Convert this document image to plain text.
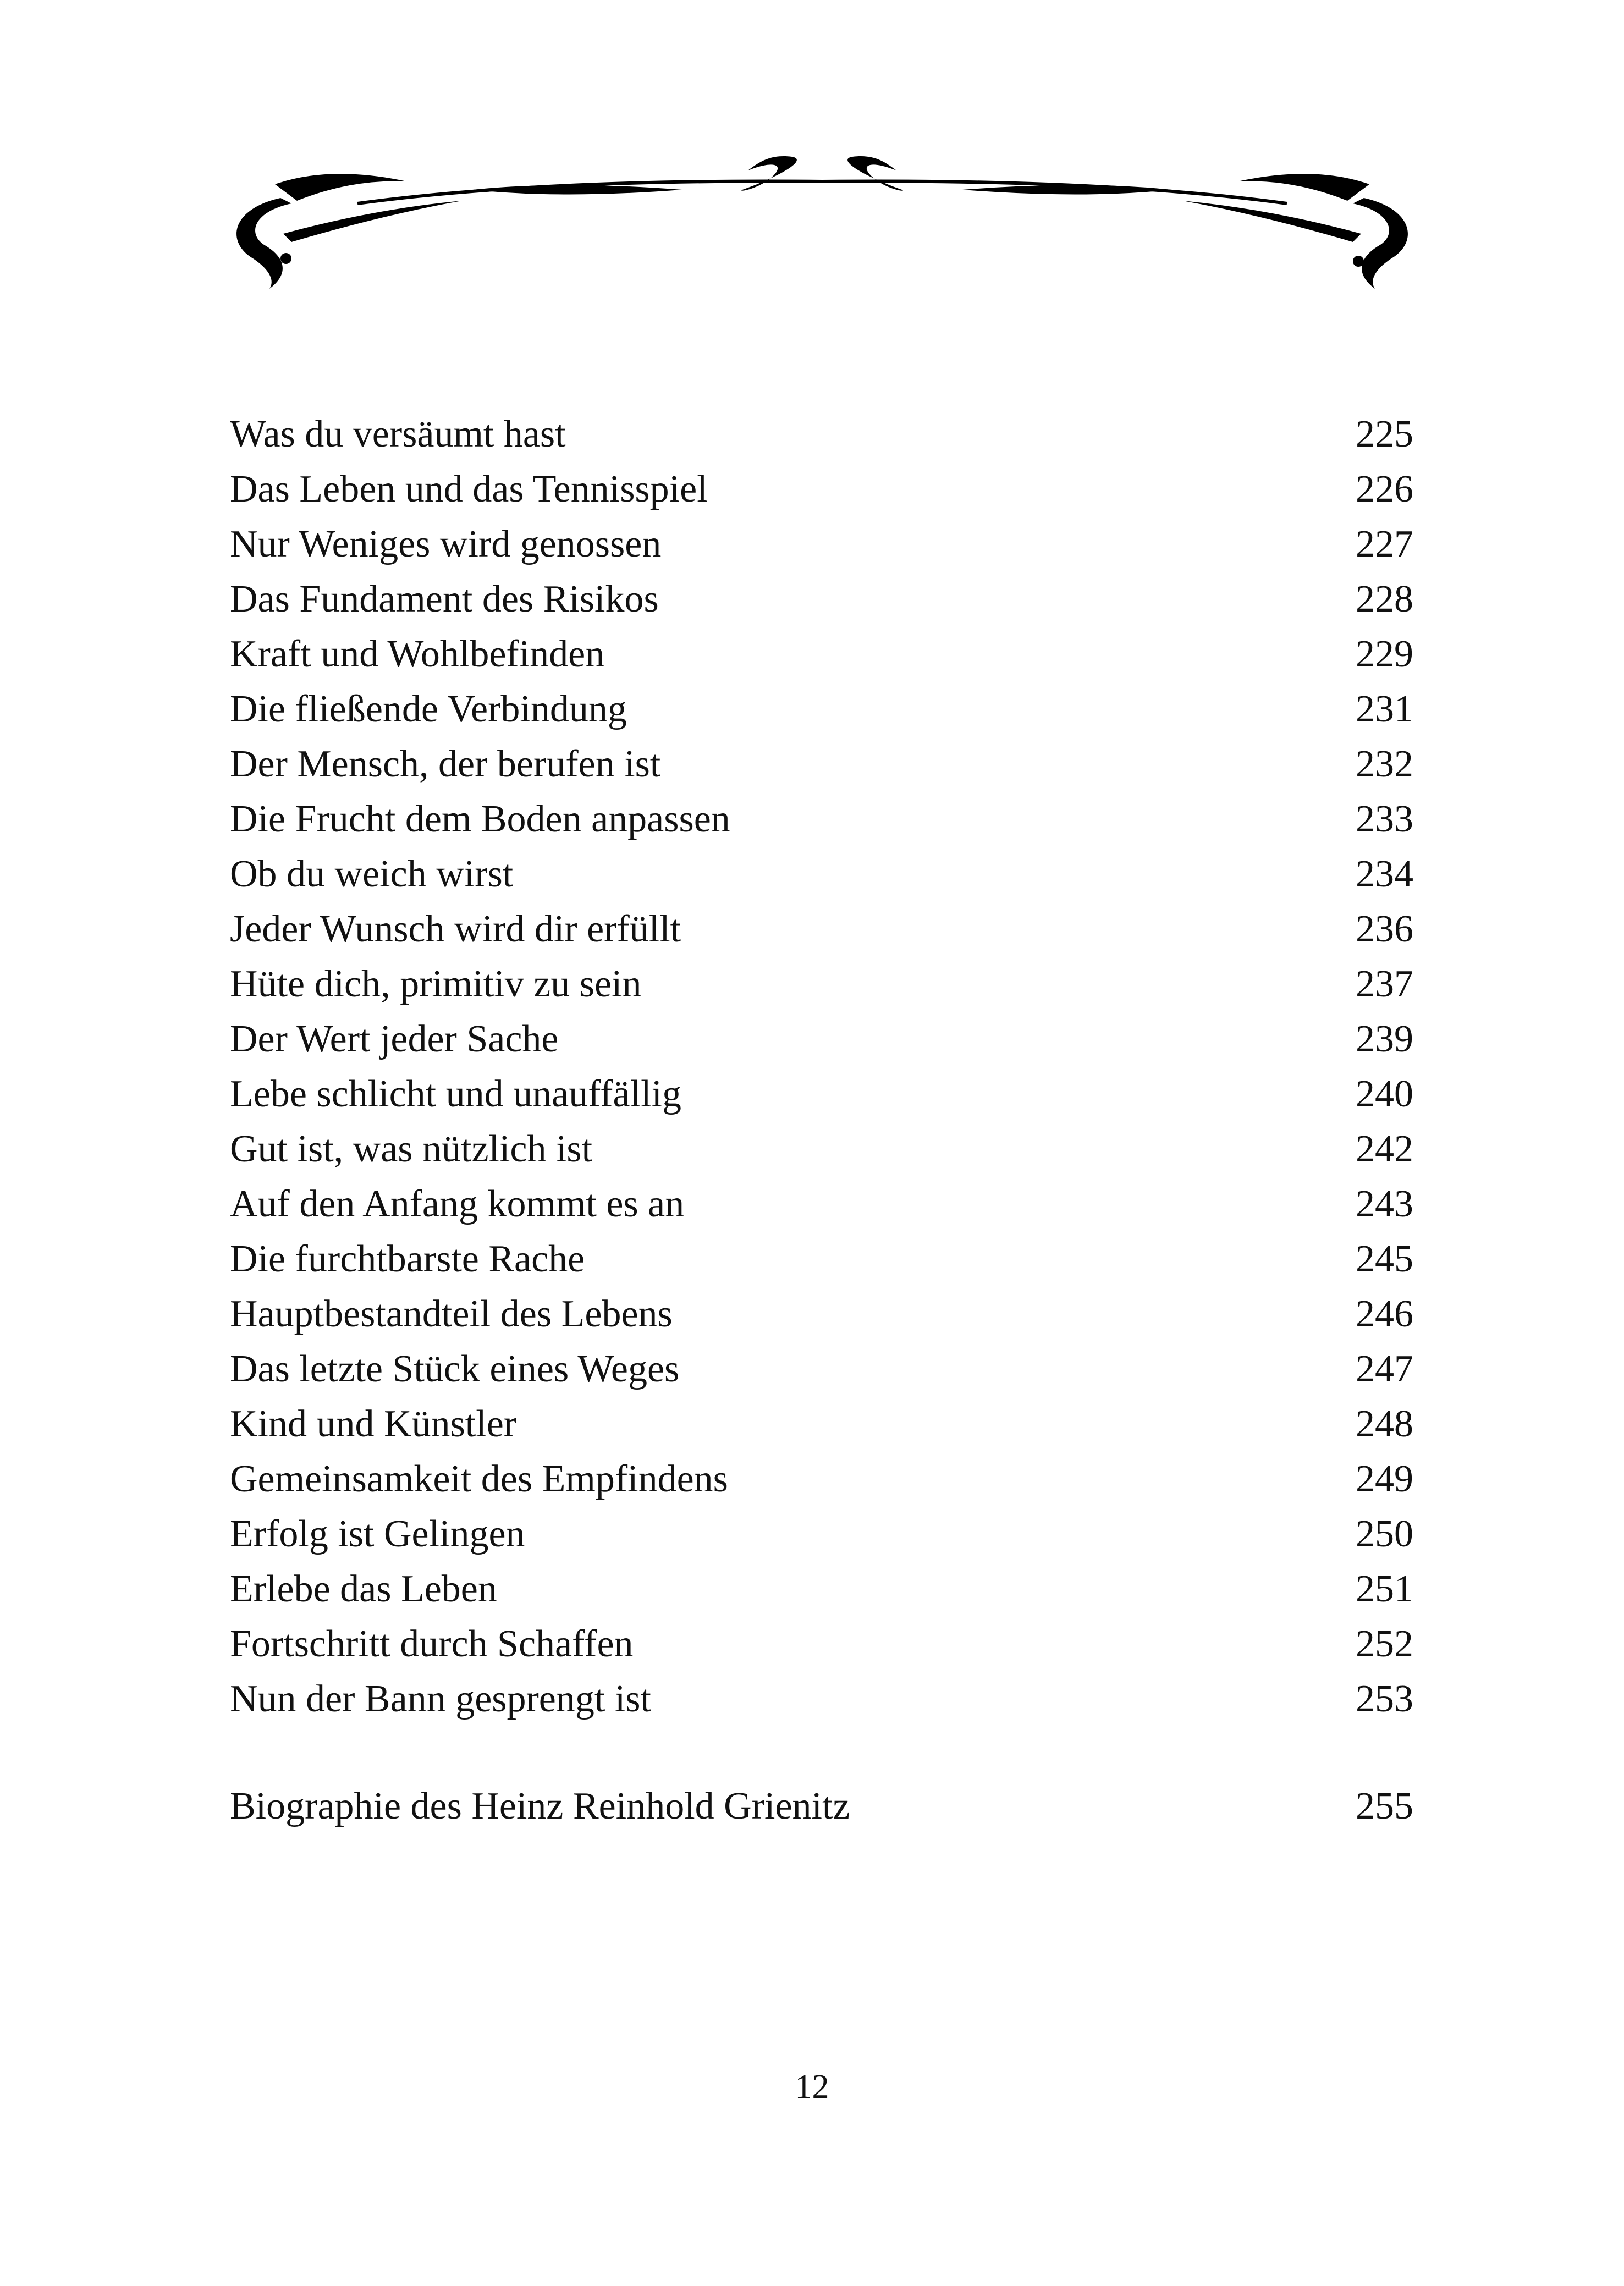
Was du versäumt hast	225
Das Leben und das Tennisspiel	226
Nur Weniges wird genossen	227
Das Fundament des Risikos	228
Kraft und Wohlbefinden	229
Die fließende Verbindung	231
Der Mensch, der berufen ist	232
Die Frucht dem Boden anpassen	233
Ob du weich wirst	234
Jeder Wunsch wird dir erfüllt	236
Hüte dich, primitiv zu sein	237
Der Wert jeder Sache	239
Lebe schlicht und unauffällig	240
Gut ist, was nützlich ist	242
Auf den Anfang kommt es an	243
Die furchtbarste Rache	245
Hauptbestandteil des Lebens	246
Das letzte Stück eines Weges	247
Kind und Künstler	248
Gemeinsamkeit des Empfindens	249
Erfolg ist Gelingen	250
Erlebe das Leben	251
Fortschritt durch Schaffen	252
Nun der Bann gesprengt ist	253
Biographie des Heinz Reinhold Grienitz	255
12
